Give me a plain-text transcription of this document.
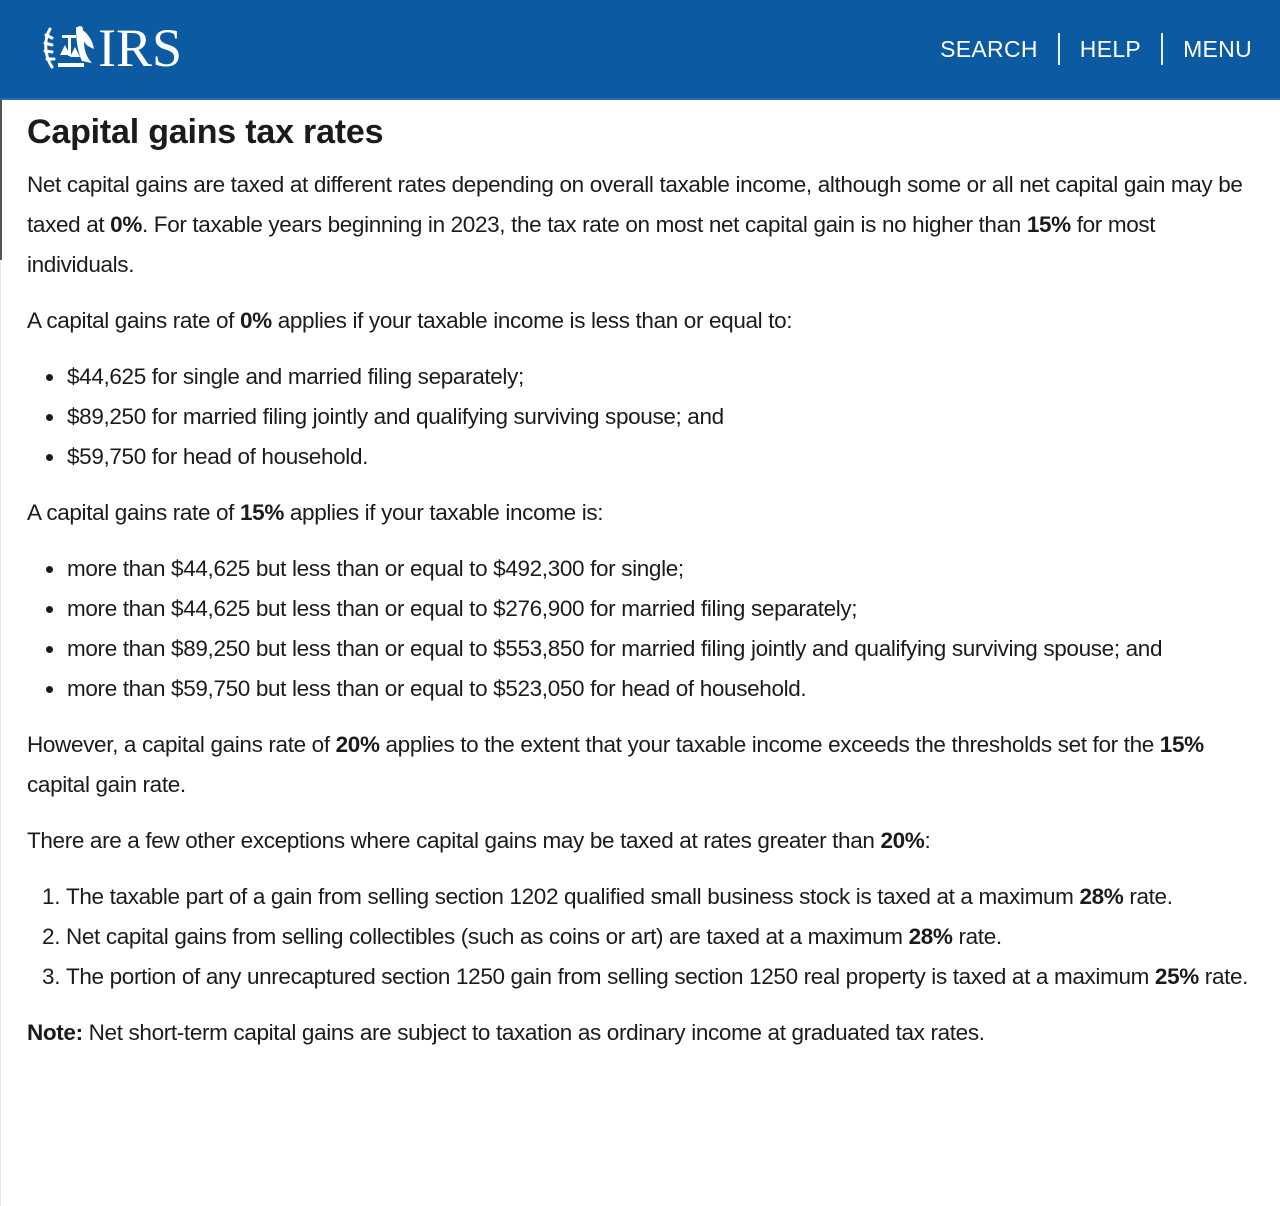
IRS	SEARCH	HELP	MENU
Capital gains tax rates

Net capital gains are taxed at different rates depending on overall taxable income, although some or all net capital gain may be taxed at 0%. For taxable years beginning in 2023, the tax rate on most net capital gain is no higher than 15% for most individuals.

A capital gains rate of 0% applies if your taxable income is less than or equal to:

• $44,625 for single and married filing separately;
• $89,250 for married filing jointly and qualifying surviving spouse; and
• $59,750 for head of household.

A capital gains rate of 15% applies if your taxable income is:

• more than $44,625 but less than or equal to $492,300 for single;
• more than $44,625 but less than or equal to $276,900 for married filing separately;
• more than $89,250 but less than or equal to $553,850 for married filing jointly and qualifying surviving spouse; and
• more than $59,750 but less than or equal to $523,050 for head of household.

However, a capital gains rate of 20% applies to the extent that your taxable income exceeds the thresholds set for the 15% capital gain rate.

There are a few other exceptions where capital gains may be taxed at rates greater than 20%:

1. The taxable part of a gain from selling section 1202 qualified small business stock is taxed at a maximum 28% rate.
2. Net capital gains from selling collectibles (such as coins or art) are taxed at a maximum 28% rate.
3. The portion of any unrecaptured section 1250 gain from selling section 1250 real property is taxed at a maximum 25% rate.

Note: Net short-term capital gains are subject to taxation as ordinary income at graduated tax rates.
